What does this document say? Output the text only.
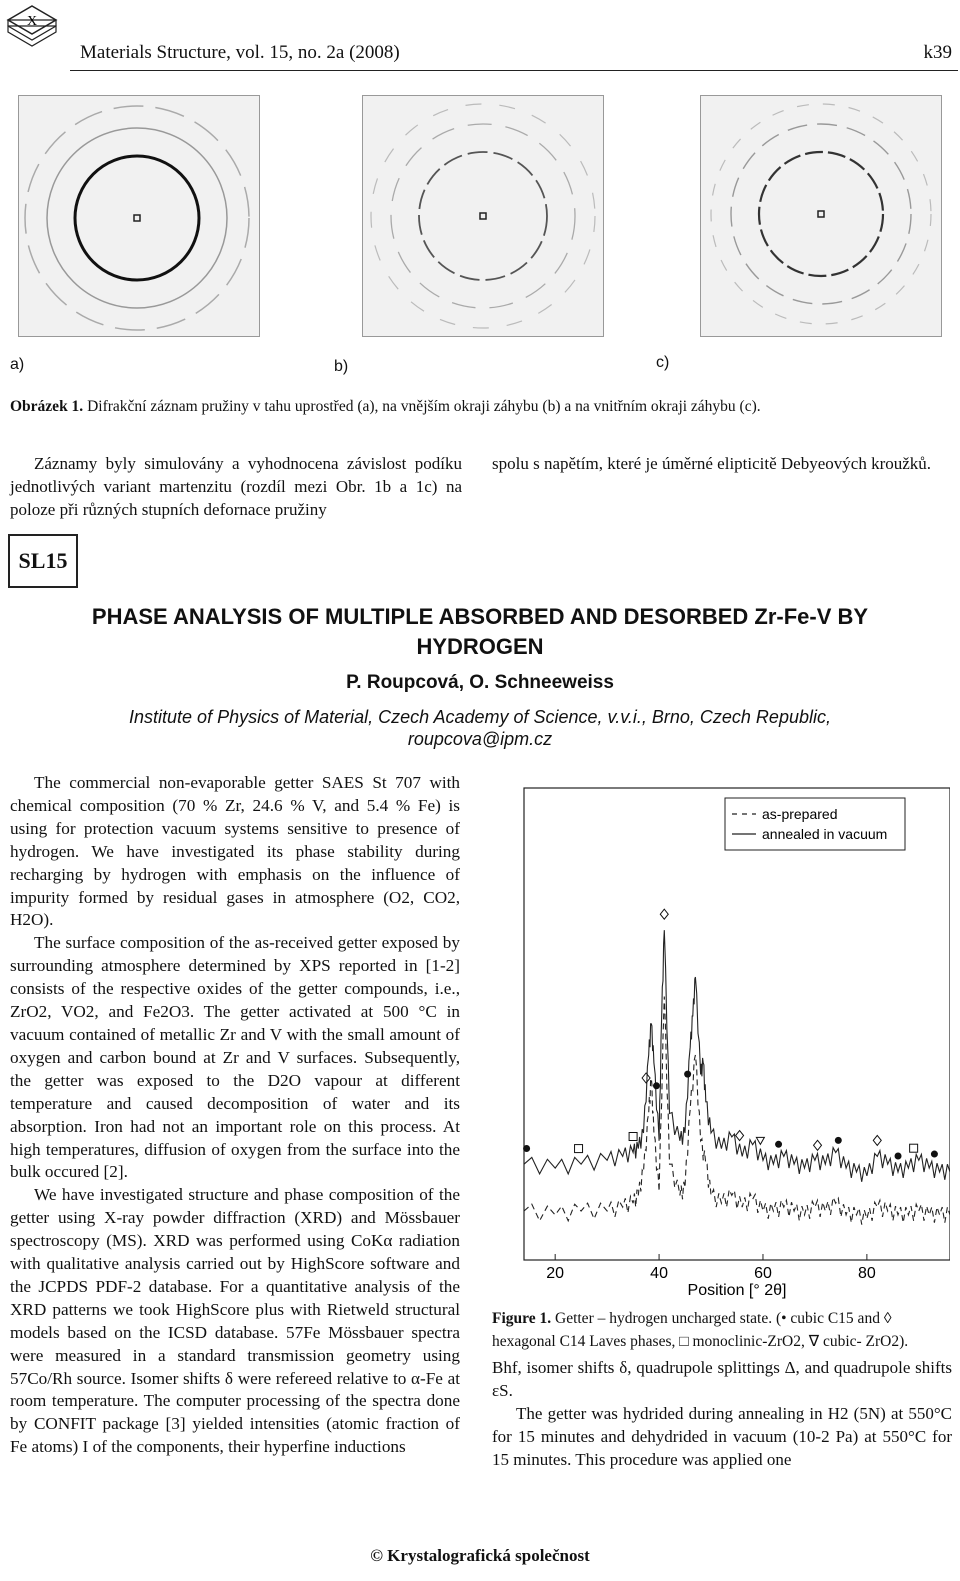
X
Materials Structure, vol. 15, no. 2a (2008)	k39
a)	b)	c)
Obrázek 1. Difrakční záznam pružiny v tahu uprostřed (a), na vnějším okraji záhybu (b) a na vnitřním okraji záhybu (c).
Záznamy byly simulovány a vyhodnocena závislost podíku jednotlivých variant martenzitu (rozdíl mezi Obr. 1b a 1c) na poloze při různých stupních defornace pružiny
spolu s napětím, které je úměrné elipticitě Debyeových kroužků.
SL15
PHASE ANALYSIS OF MULTIPLE ABSORBED AND DESORBED Zr-Fe-V BY HYDROGEN
P. Roupcová, O. Schneeweiss
Institute of Physics of Material, Czech Academy of Science, v.v.i., Brno, Czech Republic,
roupcova@ipm.cz

The commercial non-evaporable getter SAES St 707 with chemical composition (70 % Zr, 24.6 % V, and 5.4 % Fe) is using for protection vacuum systems sensitive to presence of hydrogen. We have investigated its phase stability during recharging by hydrogen with emphasis on the influence of impurity formed by residual gases in atmosphere (O2, CO2, H2O).

The surface composition of the as-received getter exposed by surrounding atmosphere determined by XPS reported in [1-2] consists of the respective oxides of the getter compounds, i.e., ZrO2, VO2, and Fe2O3. The getter activated at 500 °C in vacuum contained of metallic Zr and V with the small amount of oxygen and carbon bound at Zr and V surfaces. Subsequently, the getter was exposed to the D2O vapour at different temperature and caused decomposition of water and its absorption. Iron had not an important role on this process. At high temperatures, diffusion of oxygen from the surface into the bulk occured [2].

We have investigated structure and phase composition of the getter using X-ray powder diffraction (XRD) and Mössbauer spectroscopy (MS). XRD was performed using CoKα radiation with qualitative analysis carried out by HighScore software and the JCPDS PDF-2 database. For a quantitative analysis of the XRD patterns we took HighScore plus with Rietweld structural models based on the ICSD database. 57Fe Mössbauer spectra were measured in a standard transmission geometry using 57Co/Rh source. Isomer shifts δ were refereed relative to α-Fe at room temperature. The computer processing of the spectra done by CONFIT package [3] yielded intensities (atomic fraction of Fe atoms) I of the components, their hyperfine inductions

20	40	60	80
as-prepared
annealed in vacuum
Position [° 2θ]
Figure 1. Getter – hydrogen uncharged state. (• cubic C15 and ◊ hexagonal C14 Laves phases, □ monoclinic-ZrO2, ∇ cubic- ZrO2).
Bhf, isomer shifts δ, quadrupole splittings Δ, and quadrupole shifts εS.

The getter was hydrided during annealing in H2 (5N) at 550°C for 15 minutes and dehydrided in vacuum (10-2 Pa) at 550°C for 15 minutes. This procedure was applied one

© Krystalografická společnost
